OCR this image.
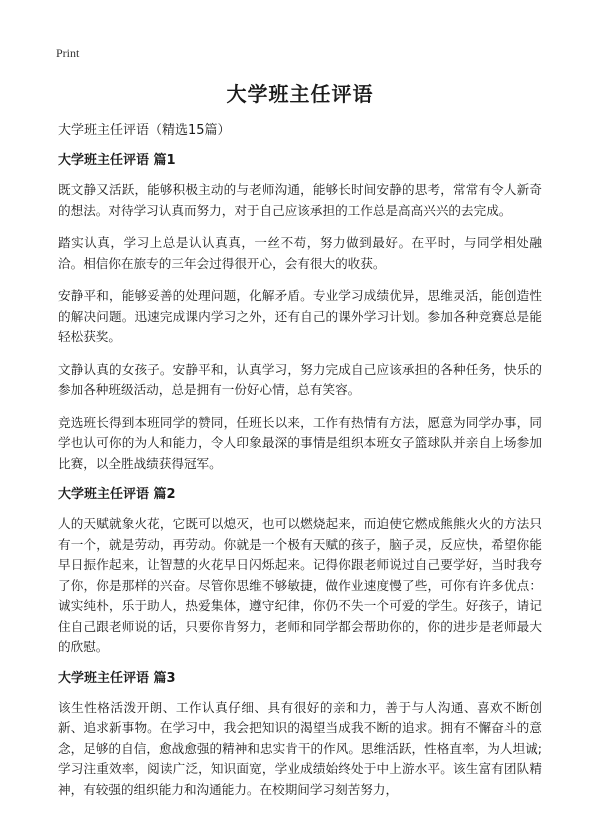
Print
大学班主任评语
大学班主任评语（精选15篇）
大学班主任评语 篇1

既文静又活跃，能够积极主动的与老师沟通，能够长时间安静的思考，常常有令人新奇的想法。对待学习认真而努力，对于自己应该承担的工作总是高高兴兴的去完成。

踏实认真，学习上总是认认真真，一丝不苟，努力做到最好。在平时，与同学相处融洽。相信你在旅专的三年会过得很开心，会有很大的收获。

安静平和，能够妥善的处理问题，化解矛盾。专业学习成绩优异，思维灵活，能创造性的解决问题。迅速完成课内学习之外，还有自己的课外学习计划。参加各种竞赛总是能轻松获奖。

文静认真的女孩子。安静平和，认真学习，努力完成自己应该承担的各种任务，快乐的参加各种班级活动，总是拥有一份好心情，总有笑容。

竞选班长得到本班同学的赞同，任班长以来，工作有热情有方法，愿意为同学办事，同学也认可你的为人和能力，令人印象最深的事情是组织本班女子篮球队并亲自上场参加比赛，以全胜战绩获得冠军。

大学班主任评语 篇2

人的天赋就象火花，它既可以熄灭，也可以燃烧起来，而迫使它燃成熊熊火火的方法只有一个，就是劳动，再劳动。你就是一个极有天赋的孩子，脑子灵，反应快，希望你能早日振作起来，让智慧的火花早日闪烁起来。记得你跟老师说过自己要学好，当时我夸了你，你是那样的兴奋。尽管你思维不够敏捷，做作业速度慢了些，可你有许多优点：诚实纯朴，乐于助人，热爱集体，遵守纪律，你仍不失一个可爱的学生。好孩子，请记住自己跟老师说的话，只要你肯努力，老师和同学都会帮助你的，你的进步是老师最大的欣慰。

大学班主任评语 篇3

该生性格活泼开朗、工作认真仔细、具有很好的亲和力，善于与人沟通、喜欢不断创新、追求新事物。在学习中，我会把知识的渴望当成我不断的追求。拥有不懈奋斗的意念，足够的自信，愈战愈强的精神和忠实肯干的作风。思维活跃，性格直率，为人坦诚;学习注重效率，阅读广泛，知识面宽，学业成绩始终处于中上游水平。该生富有团队精神，有较强的组织能力和沟通能力。在校期间学习刻苦努力，
